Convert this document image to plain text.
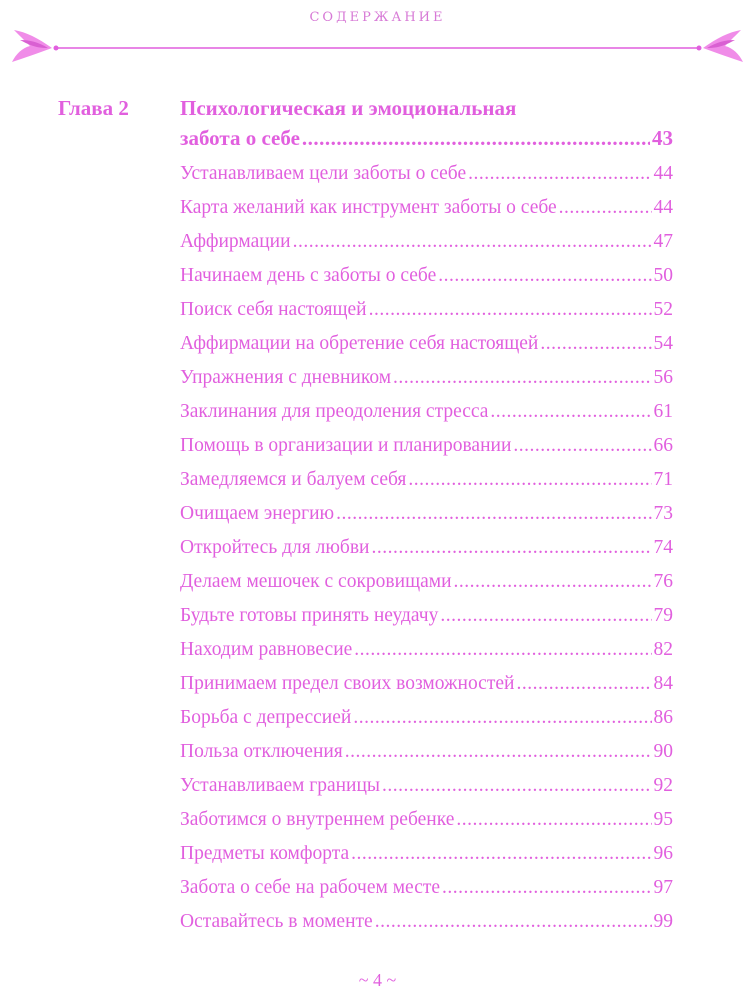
СОДЕРЖАНИЕ
Глава 2 Психологическая и эмоциональная
забота о себе .....	43
Устанавливаем цели заботы о себе .....	44
Карта желаний как инструмент заботы о себе .....	44
Аффирмации .....	47
Начинаем день с заботы о себе .....	50
Поиск себя настоящей .....	52
Аффирмации на обретение себя настоящей .....	54
Упражнения с дневником .....	56
Заклинания для преодоления стресса .....	61
Помощь в организации и планировании .....	66
Замедляемся и балуем себя .....	71
Очищаем энергию .....	73
Откройтесь для любви .....	74
Делаем мешочек с сокровищами .....	76
Будьте готовы принять неудачу .....	79
Находим равновесие .....	82
Принимаем предел своих возможностей .....	84
Борьба с депрессией .....	86
Польза отключения .....	90
Устанавливаем границы .....	92
Заботимся о внутреннем ребенке .....	95
Предметы комфорта .....	96
Забота о себе на рабочем месте .....	97
Оставайтесь в моменте .....	99
~ 4 ~
